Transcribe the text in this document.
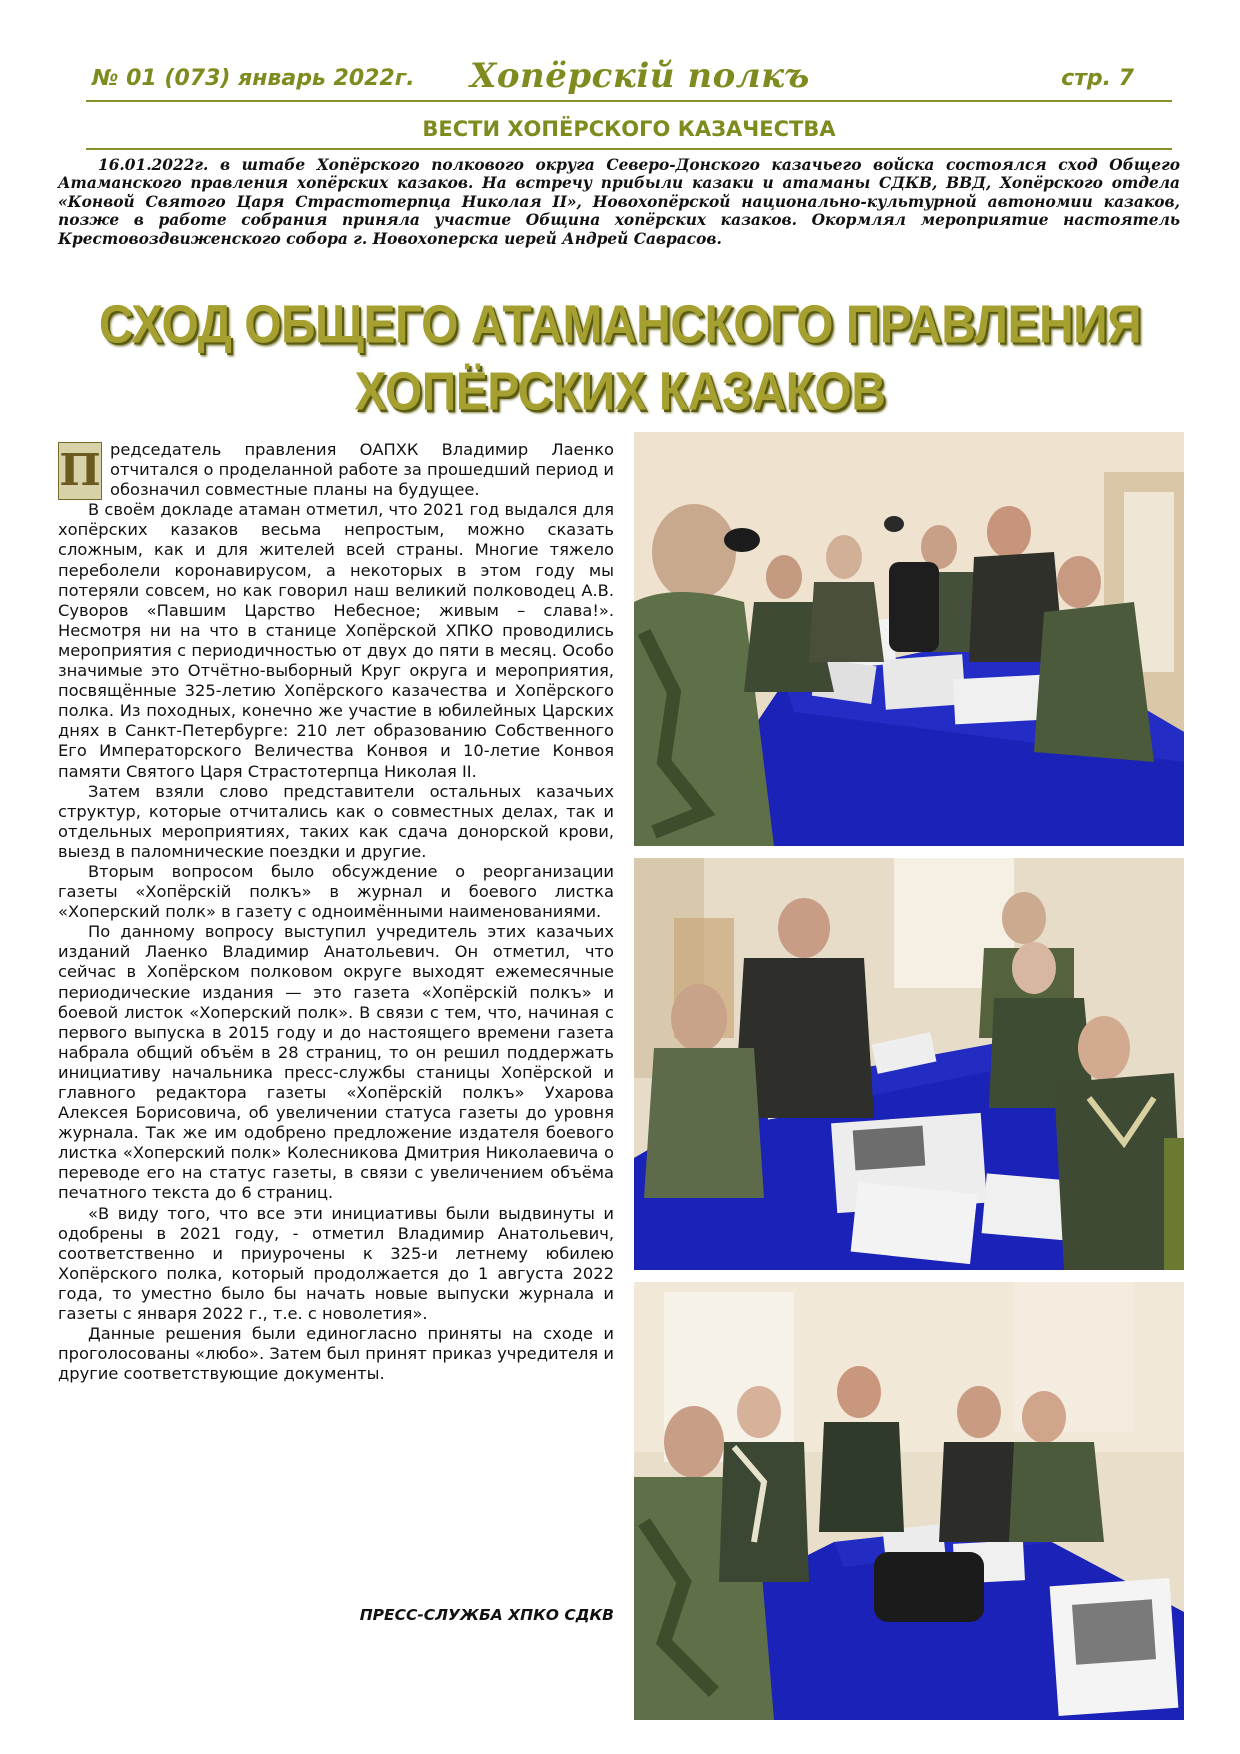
№ 01 (073) январь 2022г. Хопёрскiй полкъ	стр. 7
ВЕСТИ ХОПЁРСКОГО КАЗАЧЕСТВА
16.01.2022г. в штабе Хопёрского полкового округа Северо-Донского казачьего войска состоялся сход Общего Атаманского правления хопёрских казаков. На встречу прибыли казаки и атаманы СДКВ, ВВД, Хопёрского отдела «Конвой Святого Царя Страстотерпца Николая II», Новохопёрской национально-культурной автономии казаков, позже в работе собрания приняла участие Община хопёрских казаков. Окормлял мероприятие настоятель Крестовоздвиженского собора г. Новохоперска иерей Андрей Саврасов.
СХОД ОБЩЕГО АТАМАНСКОГО ПРАВЛЕНИЯ
ХОПЁРСКИХ КАЗАКОВ

П редседатель правления ОАПХК Владимир Лаенко отчитался о проделанной работе за прошедший период и обозначил совместные планы на будущее.

В своём докладе атаман отметил, что 2021 год выдался для хопёрских казаков весьма непростым, можно сказать сложным, как и для жителей всей страны. Многие тяжело переболели коронавирусом, а некоторых в этом году мы потеряли совсем, но как говорил наш великий полководец А.В. Суворов «Павшим Царство Небесное; живым – слава!». Несмотря ни на что в станице Хопёрской ХПКО проводились мероприятия с периодичностью от двух до пяти в месяц. Особо значимые это Отчётно-выборный Круг округа и мероприятия, посвящённые 325-летию Хопёрского казачества и Хопёрского полка. Из походных, конечно же участие в юбилейных Царских днях в Санкт-Петербурге: 210 лет образованию Собственного Его Императорского Величества Конвоя и 10-летие Конвоя памяти Святого Царя Страстотерпца Николая II.

Затем взяли слово представители остальных казачьих структур, которые отчитались как о совместных делах, так и отдельных мероприятиях, таких как сдача донорской крови, выезд в паломнические поездки и другие.

Вторым вопросом было обсуждение о реорганизации газеты «Хопёрскiй полкъ» в журнал и боевого листка «Хоперский полк» в газету с одноимёнными наименованиями.

По данному вопросу выступил учредитель этих казачьих изданий Лаенко Владимир Анатольевич. Он отметил, что сейчас в Хопёрском полковом округе выходят ежемесячные периодические издания — это газета «Хопёрскiй полкъ» и боевой листок «Хоперский полк». В связи с тем, что, начиная с первого выпуска в 2015 году и до настоящего времени газета набрала общий объём в 28 страниц, то он решил поддержать инициативу начальника пресс-службы станицы Хопёрской и главного редактора газеты «Хопёрскiй полкъ» Ухарова Алексея Борисовича, об увеличении статуса газеты до уровня журнала. Так же им одобрено предложение издателя боевого листка «Хоперский полк» Колесникова Дмитрия Николаевича о переводе его на статус газеты, в связи с увеличением объёма печатного текста до 6 страниц.

«В виду того, что все эти инициативы были выдвинуты и одобрены в 2021 году, - отметил Владимир Анатольевич, соответственно и приурочены к 325-и летнему юбилею Хопёрского полка, который продолжается до 1 августа 2022 года, то уместно было бы начать новые выпуски журнала и газеты с января 2022 г., т.е. с новолетия».

Данные решения были единогласно приняты на сходе и проголосованы «любо». Затем был принят приказ учредителя и другие соответствующие документы.

ПРЕСС-СЛУЖБА ХПКО СДКВ
